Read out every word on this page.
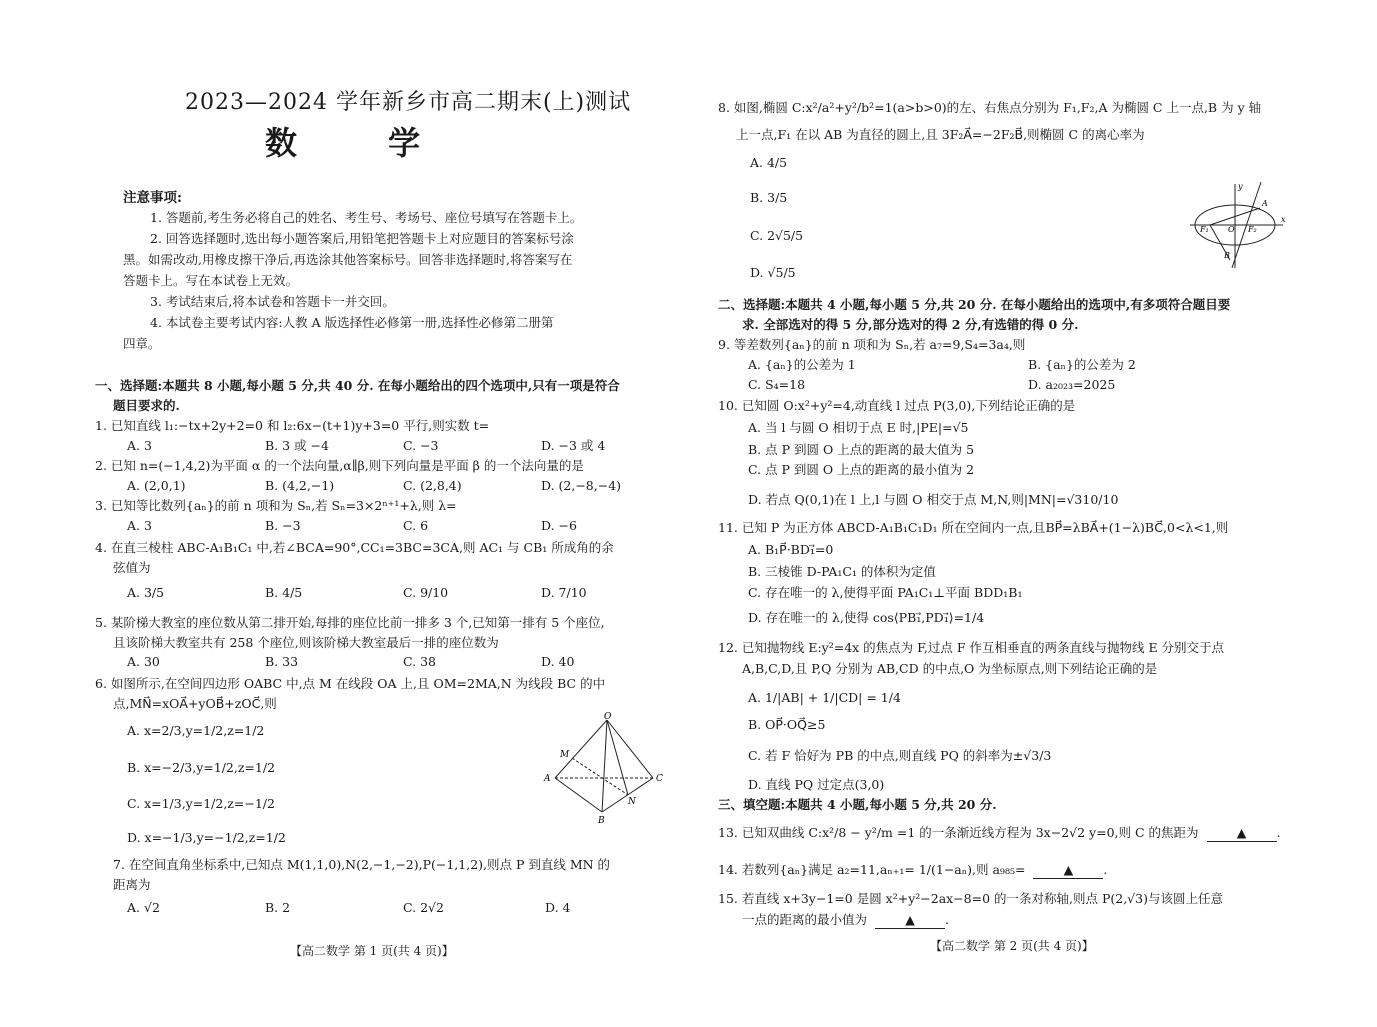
2023—2024 学年新乡市高二期末(上)测试
数 学
注意事项:
1. 答题前,考生务必将自己的姓名、考生号、考场号、座位号填写在答题卡上。
2. 回答选择题时,选出每小题答案后,用铅笔把答题卡上对应题目的答案标号涂
黑。如需改动,用橡皮擦干净后,再选涂其他答案标号。回答非选择题时,将答案写在
答题卡上。写在本试卷上无效。
3. 考试结束后,将本试卷和答题卡一并交回。
4. 本试卷主要考试内容:人教 A 版选择性必修第一册,选择性必修第二册第
四章。
一、选择题:本题共 8 小题,每小题 5 分,共 40 分. 在每小题给出的四个选项中,只有一项是符合
题目要求的.
1. 已知直线 l₁:−tx+2y+2=0 和 l₂:6x−(t+1)y+3=0 平行,则实数 t=
A. 3	B. 3 或 −4	C. −3	D. −3 或 4
2. 已知 n=(−1,4,2)为平面 α 的一个法向量,α∥β,则下列向量是平面 β 的一个法向量的是
A. (2,0,1)	B. (4,2,−1)	C. (2,8,4)	D. (2,−8,−4)
3. 已知等比数列{aₙ}的前 n 项和为 Sₙ,若 Sₙ=3×2ⁿ⁺¹+λ,则 λ=
A. 3	B. −3	C. 6	D. −6
4. 在直三棱柱 ABC-A₁B₁C₁ 中,若∠BCA=90°,CC₁=3BC=3CA,则 AC₁ 与 CB₁ 所成角的余
弦值为
A. 3/5	B. 4/5	C. 9/10	D. 7/10
5. 某阶梯大教室的座位数从第二排开始,每排的座位比前一排多 3 个,已知第一排有 5 个座位,
且该阶梯大教室共有 258 个座位,则该阶梯大教室最后一排的座位数为
A. 30	B. 33	C. 38	D. 40
6. 如图所示,在空间四边形 OABC 中,点 M 在线段 OA 上,且 OM=2MA,N 为线段 BC 的中
点,MN⃗=xOA⃗+yOB⃗+zOC⃗,则
A. x=2/3,y=1/2,z=1/2
B. x=−2/3,y=1/2,z=1/2
C. x=1/3,y=1/2,z=−1/2
D. x=−1/3,y=−1/2,z=1/2
O
A
B
C
M
N
7. 在空间直角坐标系中,已知点 M(1,1,0),N(2,−1,−2),P(−1,1,2),则点 P 到直线 MN 的
距离为
A. √2	B. 2	C. 2√2	D. 4
【高二数学 第 1 页(共 4 页)】
8. 如图,椭圆 C:x²/a²+y²/b²=1(a>b>0)的左、右焦点分别为 F₁,F₂,A 为椭圆 C 上一点,B 为 y 轴
上一点,F₁ 在以 AB 为直径的圆上,且 3F₂A⃗=−2F₂B⃗,则椭圆 C 的离心率为
A. 4/5
B. 3/5
C. 2√5/5
D. √5/5
y
x
O
F₁	F₂
A
B
二、选择题:本题共 4 小题,每小题 5 分,共 20 分. 在每小题给出的选项中,有多项符合题目要
求. 全部选对的得 5 分,部分选对的得 2 分,有选错的得 0 分.
9. 等差数列{aₙ}的前 n 项和为 Sₙ,若 a₇=9,S₄=3a₄,则
A. {aₙ}的公差为 1	B. {aₙ}的公差为 2
C. S₄=18	D. a₂₀₂₃=2025
10. 已知圆 O:x²+y²=4,动直线 l 过点 P(3,0),下列结论正确的是
A. 当 l 与圆 O 相切于点 E 时,|PE|=√5
B. 点 P 到圆 O 上点的距离的最大值为 5
C. 点 P 到圆 O 上点的距离的最小值为 2
D. 若点 Q(0,1)在 l 上,l 与圆 O 相交于点 M,N,则|MN|=√310/10
11. 已知 P 为正方体 ABCD-A₁B₁C₁D₁ 所在空间内一点,且BP⃗=λBA⃗+(1−λ)BC⃗,0<λ<1,则
A. B₁P⃗·BD₁⃗=0
B. 三棱锥 D-PA₁C₁ 的体积为定值
C. 存在唯一的 λ,使得平面 PA₁C₁⊥平面 BDD₁B₁
D. 存在唯一的 λ,使得 cos⟨PB₁⃗,PD₁⃗⟩=1/4
12. 已知抛物线 E:y²=4x 的焦点为 F,过点 F 作互相垂直的两条直线与抛物线 E 分别交于点
A,B,C,D,且 P,Q 分别为 AB,CD 的中点,O 为坐标原点,则下列结论正确的是
A. 1/|AB| + 1/|CD| = 1/4
B. OP⃗·OQ⃗≥5
C. 若 F 恰好为 PB 的中点,则直线 PQ 的斜率为±√3/3
D. 直线 PQ 过定点(3,0)
三、填空题:本题共 4 小题,每小题 5 分,共 20 分.
13. 已知双曲线 C:x²/8 − y²/m =1 的一条渐近线方程为 3x−2√2 y=0,则 C 的焦距为	▲ .
14. 若数列{aₙ}满足 a₂=11,aₙ₊₁= 1/(1−aₙ),则 a₉₈₅=	▲ .
15. 若直线 x+3y−1=0 是圆 x²+y²−2ax−8=0 的一条对称轴,则点 P(2,√3)与该圆上任意
一点的距离的最小值为	▲ .
【高二数学 第 2 页(共 4 页)】
